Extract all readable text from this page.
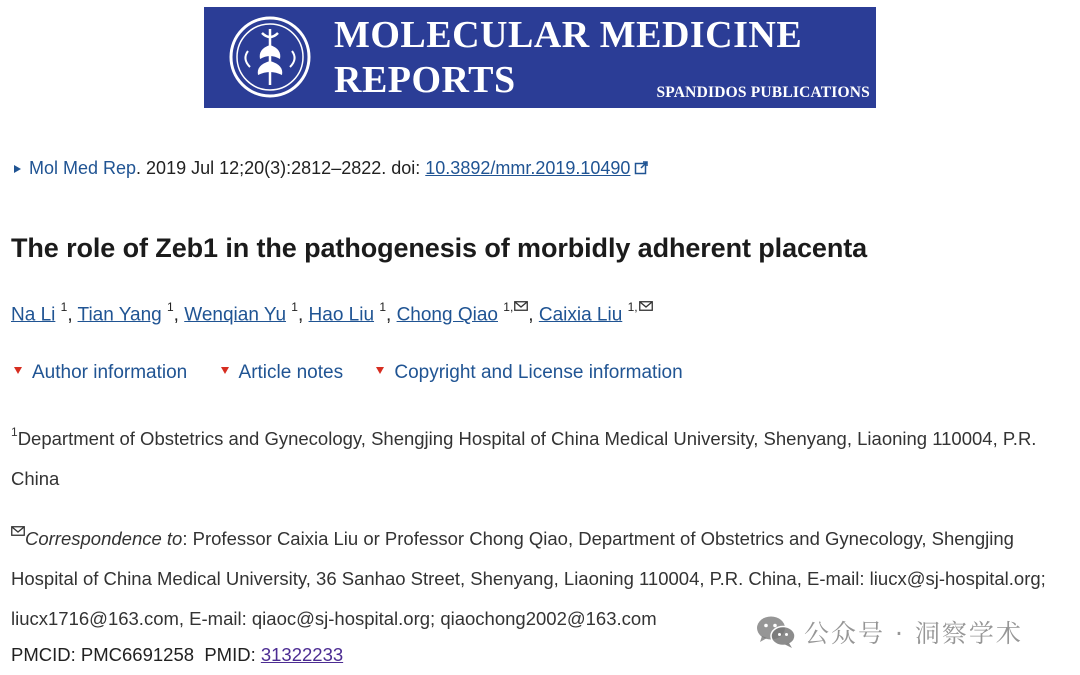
MOLECULAR MEDICINE
REPORTS	SPANDIDOS PUBLICATIONS
Mol Med Rep. 2019 Jul 12;20(3):2812–2822. doi: 10.3892/mmr.2019.10490
The role of Zeb1 in the pathogenesis of morbidly adherent placenta
Na Li $^1$, Tian Yang $^1$, Wenqian Yu $^1$, Hao Liu $^1$, Chong Qiao $^{1,}$ , Caixia Liu $^{1,}$
Author information	Article notes	Copyright and License information
$^1$Department of Obstetrics and Gynecology, Shengjing Hospital of China Medical University, Shenyang, Liaoning 110004, P.R. China
Correspondence to: Professor Caixia Liu or Professor Chong Qiao, Department of Obstetrics and Gynecology, Shengjing Hospital of China Medical University, 36 Sanhao Street, Shenyang, Liaoning 110004, P.R. China, E-mail: liucx@sj-hospital.org; liucx1716@163.com, E-mail: qiaoc@sj-hospital.org; qiaochong2002@163.com
PMCID: PMC6691258 PMID: 31322233
公众号 · 洞察学术
